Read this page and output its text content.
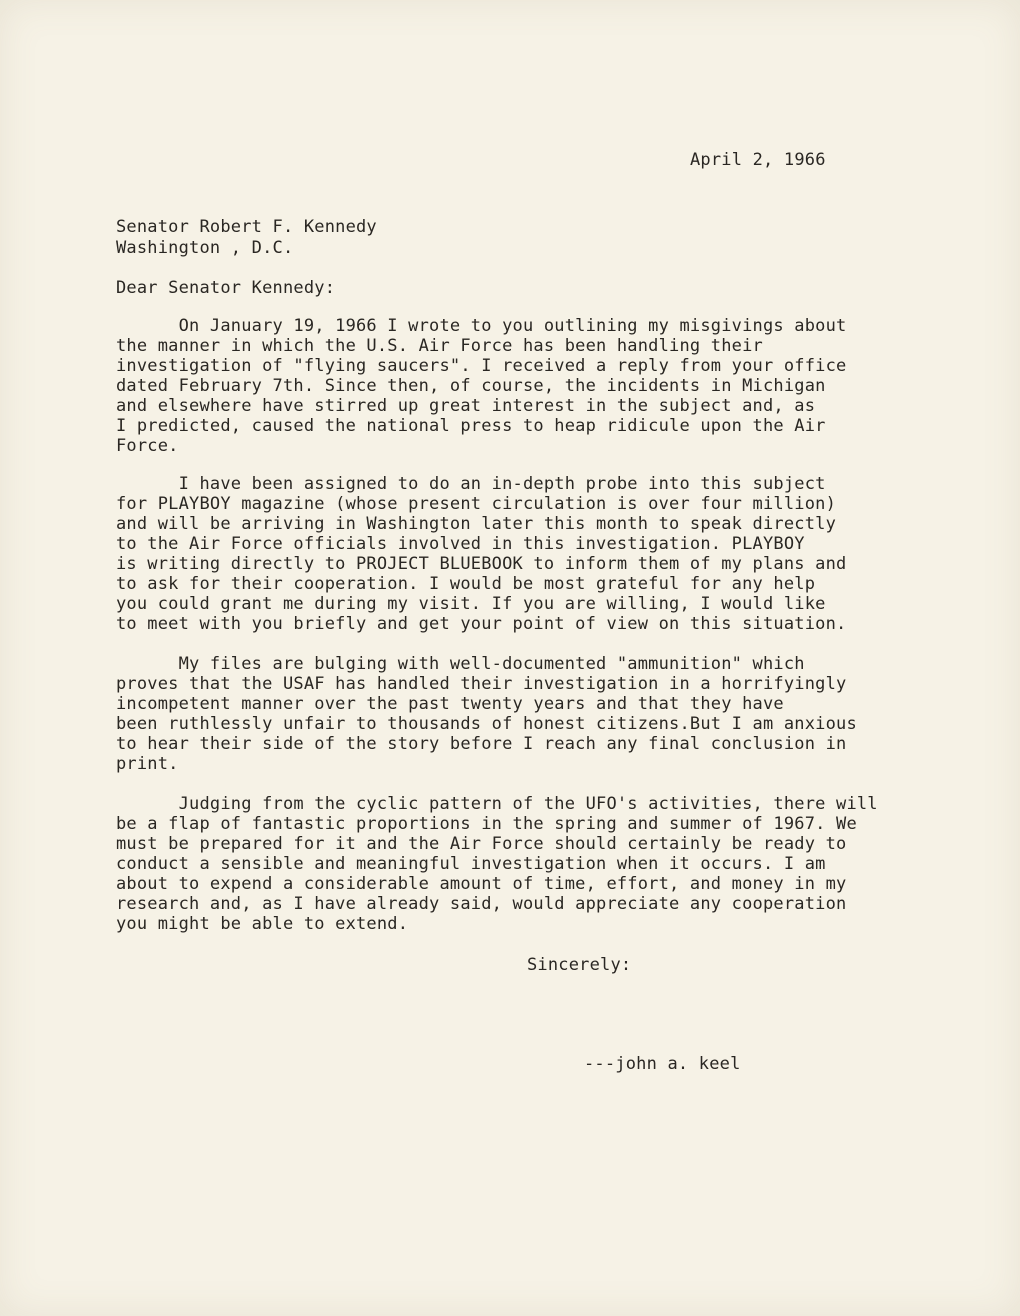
April 2, 1966

Senator Robert F. Kennedy

Washington , D.C.

Dear Senator Kennedy:

On January 19, 1966 I wrote to you outlining my misgivings about
the manner in which the U.S. Air Force has been handling their
investigation of "flying saucers". I received a reply from your office
dated February 7th. Since then, of course, the incidents in Michigan
and elsewhere have stirred up great interest in the subject and, as
I predicted, caused the national press to heap ridicule upon the Air
Force.

I have been assigned to do an in-depth probe into this subject
for PLAYBOY magazine (whose present circulation is over four million)
and will be arriving in Washington later this month to speak directly
to the Air Force officials involved in this investigation. PLAYBOY
is writing directly to PROJECT BLUEBOOK to inform them of my plans and
to ask for their cooperation. I would be most grateful for any help
you could grant me during my visit. If you are willing, I would like
to meet with you briefly and get your point of view on this situation.

My files are bulging with well-documented "ammunition" which
proves that the USAF has handled their investigation in a horrifyingly
incompetent manner over the past twenty years and that they have
been ruthlessly unfair to thousands of honest citizens.But I am anxious
to hear their side of the story before I reach any final conclusion in
print.

Judging from the cyclic pattern of the UFO's activities, there will
be a flap of fantastic proportions in the spring and summer of 1967. We
must be prepared for it and the Air Force should certainly be ready to
conduct a sensible and meaningful investigation when it occurs. I am
about to expend a considerable amount of time, effort, and money in my
research and, as I have already said, would appreciate any cooperation
you might be able to extend.

Sincerely:

---john a. keel
